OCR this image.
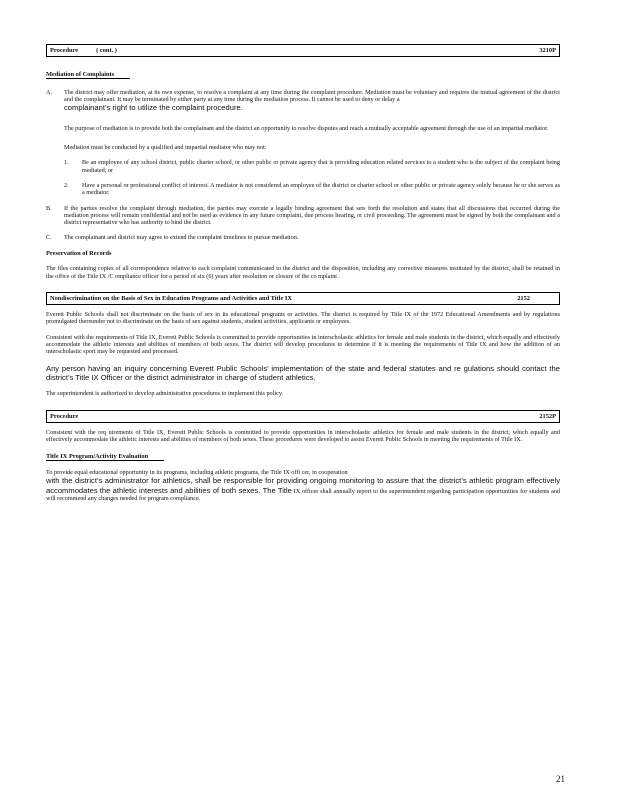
Procedure	( cont. )	3210P
Mediation of Complaints
A.	The district may offer mediation, at its own expense, to resolve a complaint at any time during the complaint procedure. Mediation must be voluntary and requires the mutual agreement of the district and the complainant. It may be terminated by either party at any time during the mediation process. It cannot be used to deny or delay a
complainant’s right to utilize the complaint procedure.

The purpose of mediation is to provide both the complainant and the district an opportunity to resolve disputes and reach a mutually acceptable agreement through the use of an impartial mediator.

Mediation must be conducted by a qualified and impartial mediator who may not:

1.	Be an employee of any school district, public charter school, or other public or private agency that is providing education related services to a student who is the subject of the complaint being mediated; or
2.	Have a personal or professional conflict of interest. A mediator is not considered an employee of the district or charter school or other public or private agency solely because he or she serves as a mediator.
B.	If the parties resolve the complaint through mediation, the parties may execute a legally binding agreement that sets forth the resolution and states that all discussions that occurred during the mediation process will remain confidential and not be used as evidence in any future complaint, due process hearing, or civil proceeding. The agreement must be signed by both the complainant and a district representative who has authority to bind the district.
C.	The complainant and district may agree to extend the complaint timelines to pursue mediation.
Preservation of Records

The files containing copies of all correspondence relative to each complaint communicated to the district and the disposition, including any corrective measures instituted by the district, shall be retained in the office of the Title IX /C ompliance officer for a period of six (6) years after resolution or closure of the co mplaint .

Nondiscrimination on the Basis of Sex in Education Programs and Activities and Title IX	2152

Everett Public Schools shall not discriminate on the basis of sex in its educational programs or activities. The district is required by Title IX of the 1972 Educational Amendments and by regulations promulgated thereunder not to discriminate on the basis of sex against students, student activities, applicants or employees.

Consistent with the requirements of Title IX, Everett Public Schools is committed to provide opportunities in interscholastic athletics for female and male students in the district, which equally and effectively accommodate the athletic interests and abilities of members of both sexes. The district will develop procedures to determine if it is meeting the requirements of Title IX and how the addition of an interscholastic sport may be requested and processed.

Any person having an inquiry concerning Everett Public Schools’ implementation of the state and federal statutes and re gulations should contact the district’s Title IX Officer or the district administrator in charge of student athletics.

The superintendent is authorized to develop administrative procedures to implement this policy.

Procedure	2152P

Consistent with the req uirements of Title IX, Everett Public Schools is committed to provide opportunities in interscholastic athletics for female and male students in the district, which equally and effectively accommodate the athletic interests and abilities of members of both sexes. These procedures were developed to assist Everett Public Schools in meeting the requirements of Title IX.

Title IX Program/Activity Evaluation

To provide equal educational opportunity in its programs, including athletic programs, the Title IX offi cer, in cooperation
with the district’s administrator for athletics, shall be responsible for providing ongoing monitoring to assure that the district’s athletic program effectively accommodates the athletic interests and abilities of both sexes. The Title IX officer shall annually report to the superintendent regarding participation opportunities for students and will recommend any changes needed for program compliance.

21
